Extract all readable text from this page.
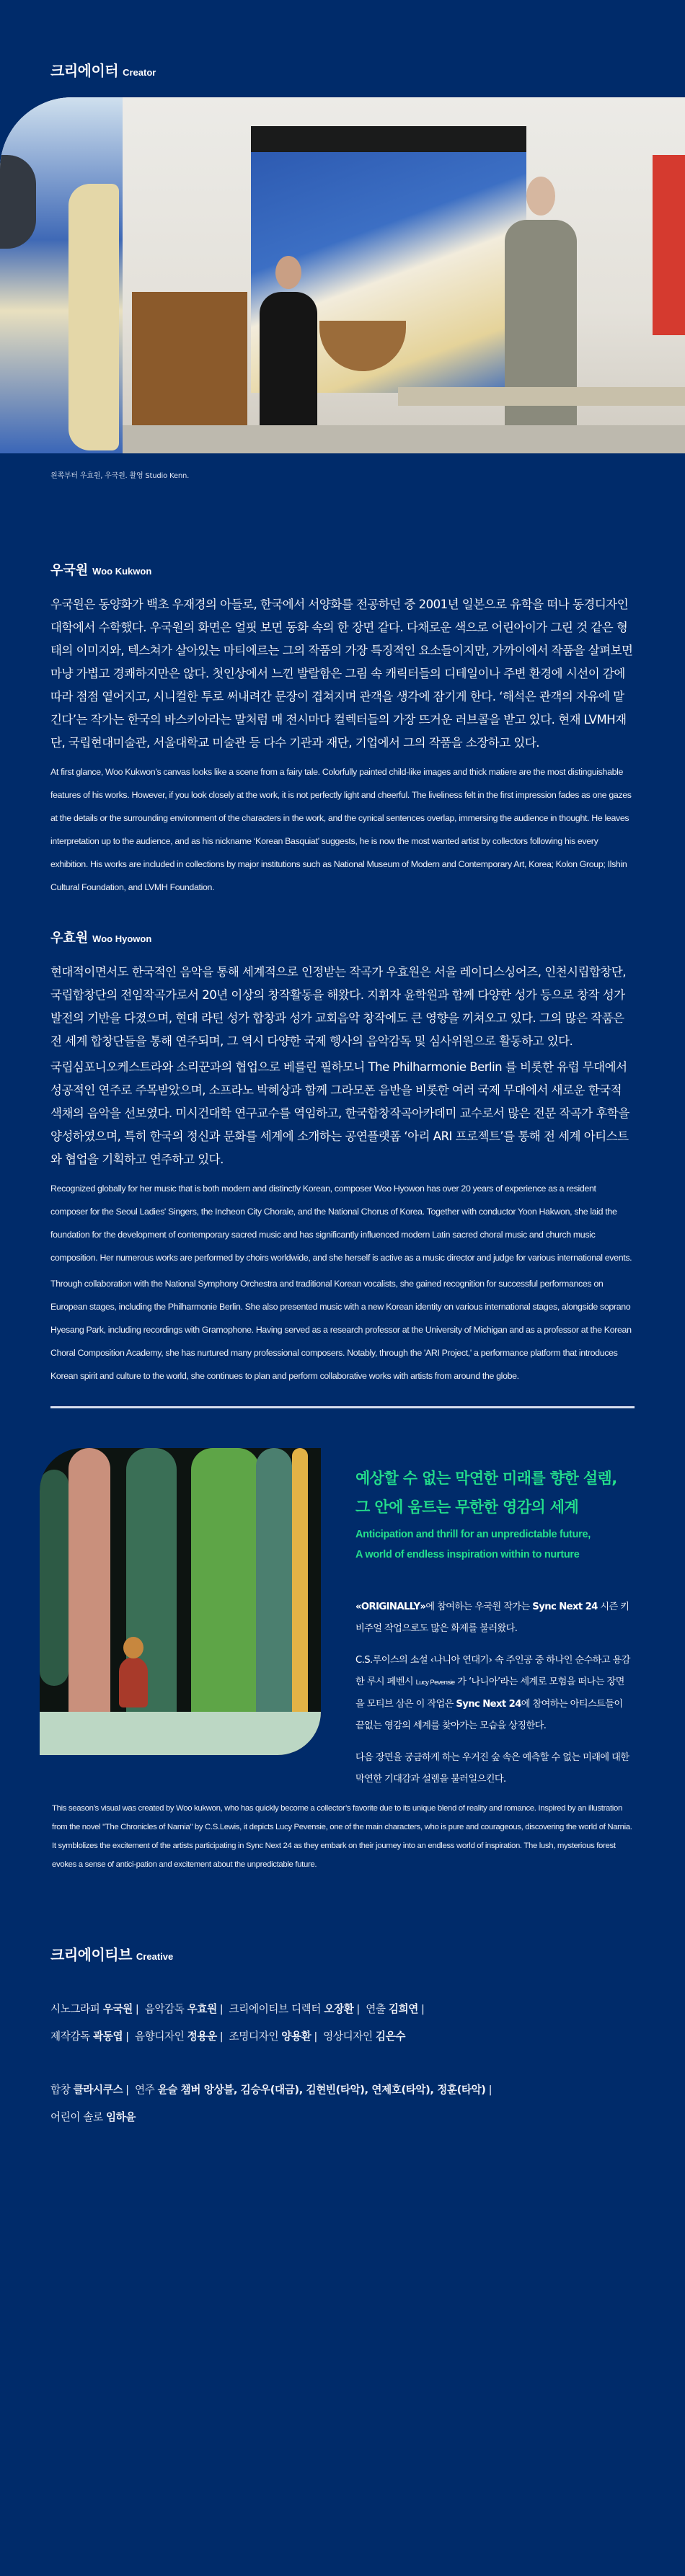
크리에이터 Creator
왼쪽부터 우효원, 우국원. 촬영 Studio Kenn.
우국원 Woo Kukwon

우국원은 동양화가 백초 우재경의 아들로, 한국에서 서양화를 전공하던 중 2001년 일본으로 유학을 떠나 동경디자인 대학에서 수학했다. 우국원의 화면은 얼핏 보면 동화 속의 한 장면 같다. 다채로운 색으로 어린아이가 그린 것 같은 형태의 이미지와, 텍스쳐가 살아있는 마티에르는 그의 작품의 가장 특징적인 요소들이지만, 가까이에서 작품을 살펴보면 마냥 가볍고 경쾌하지만은 않다. 첫인상에서 느낀 발랄함은 그림 속 캐릭터들의 디테일이나 주변 환경에 시선이 감에 따라 점점 옅어지고, 시니컬한 투로 써내려간 문장이 겹쳐지며 관객을 생각에 잠기게 한다. ‘해석은 관객의 자유에 맡긴다’는 작가는 한국의 바스키아라는 말처럼 매 전시마다 컬렉터들의 가장 뜨거운 러브콜을 받고 있다. 현재 LVMH재단, 국립현대미술관, 서울대학교 미술관 등 다수 기관과 재단, 기업에서 그의 작품을 소장하고 있다.

At first glance, Woo Kukwon’s canvas looks like a scene from a fairy tale. Colorfully painted child-like images and thick matiere are the most distinguishable features of his works. However, if you look closely at the work, it is not perfectly light and cheerful. The liveliness felt in the first impression fades as one gazes at the details or the surrounding environment of the characters in the work, and the cynical sentences overlap, immersing the audience in thought. He leaves interpretation up to the audience, and as his nickname ‘Korean Basquiat’ suggests, he is now the most wanted artist by collectors following his every exhibition. His works are included in collections by major institutions such as National Museum of Modern and Contemporary Art, Korea; Kolon Group; Ilshin Cultural Foundation, and LVMH Foundation.

우효원 Woo Hyowon

현대적이면서도 한국적인 음악을 통해 세계적으로 인정받는 작곡가 우효원은 서울 레이디스싱어즈, 인천시립합창단, 국립합창단의 전임작곡가로서 20년 이상의 창작활동을 해왔다. 지휘자 윤학원과 함께 다양한 성가 등으로 창작 성가 발전의 기반을 다졌으며, 현대 라틴 성가 합창과 성가 교회음악 창작에도 큰 영향을 끼쳐오고 있다. 그의 많은 작품은 전 세계 합창단들을 통해 연주되며, 그 역시 다양한 국제 행사의 음악감독 및 심사위원으로 활동하고 있다.

국립심포니오케스트라와 소리꾼과의 협업으로 베를린 필하모니 The Philharmonie Berlin 를 비롯한 유럽 무대에서 성공적인 연주로 주목받았으며, 소프라노 박혜상과 함께 그라모폰 음반을 비롯한 여러 국제 무대에서 새로운 한국적 색채의 음악을 선보였다. 미시건대학 연구교수를 역임하고, 한국합창작곡아카데미 교수로서 많은 전문 작곡가 후학을 양성하였으며, 특히 한국의 정신과 문화를 세계에 소개하는 공연플랫폼 ‘아리 ARI 프로젝트’를 통해 전 세계 아티스트와 협업을 기획하고 연주하고 있다.

Recognized globally for her music that is both modern and distinctly Korean, composer Woo Hyowon has over 20 years of experience as a resident composer for the Seoul Ladies' Singers, the Incheon City Chorale, and the National Chorus of Korea. Together with conductor Yoon Hakwon, she laid the foundation for the development of contemporary sacred music and has significantly influenced modern Latin sacred choral music and church music composition. Her numerous works are performed by choirs worldwide, and she herself is active as a music director and judge for various international events.

Through collaboration with the National Symphony Orchestra and traditional Korean vocalists, she gained recognition for successful performances on European stages, including the Philharmonie Berlin. She also presented music with a new Korean identity on various international stages, alongside soprano Hyesang Park, including recordings with Gramophone. Having served as a research professor at the University of Michigan and as a professor at the Korean Choral Composition Academy, she has nurtured many professional composers. Notably, through the 'ARI Project,' a performance platform that introduces Korean spirit and culture to the world, she continues to plan and perform collaborative works with artists from around the globe.

예상할 수 없는 막연한 미래를 향한 설렘,
그 안에 움트는 무한한 영감의 세계
Anticipation and thrill for an unpredictable future,
A world of endless inspiration within to nurture

«ORIGINALLY»에 참여하는 우국원 작가는 Sync Next 24 시즌 키비주얼 작업으로도 많은 화제를 불러왔다.

C.S.루이스의 소설 ‹나니아 연대기› 속 주인공 중 하나인 순수하고 용감한 루시 페벤시 Lucy Pevensie 가 ‘나니아’라는 세계로 모험을 떠나는 장면을 모티브 삼은 이 작업은 Sync Next 24에 참여하는 아티스트들이 끝없는 영감의 세계를 찾아가는 모습을 상징한다.

다음 장면을 궁금하게 하는 우거진 숲 속은 예측할 수 없는 미래에 대한 막연한 기대감과 설렘을 불러일으킨다.

This season’s visual was created by Woo kukwon, who has quickly become a collector’s favorite due to its unique blend of reality and romance. Inspired by an illustration from the novel "The Chronicles of Narnia" by C.S.Lewis, it depicts Lucy Pevensie, one of the main characters, who is pure and courageous, discovering the world of Narnia. It symblolizes the excitement of the artists participating in Sync Next 24 as they embark on their journey into an endless world of inspiration. The lush, mysterious forest evokes a sense of antici-pation and excitement about the unpredictable future.

크리에이티브 Creative
시노그라피 우국원 | 음악감독 우효원 | 크리에이티브 디렉터 오장환 | 연출 김희연 |
제작감독 곽동엽 | 음향디자인 정용운 | 조명디자인 양용환 | 영상디자인 김은수
합창 클라시쿠스 | 연주 윤슬 챔버 앙상블, 김승우(대금), 김현빈(타악), 연제호(타악), 정훈(타악) |
어린이 솔로 임하윤
